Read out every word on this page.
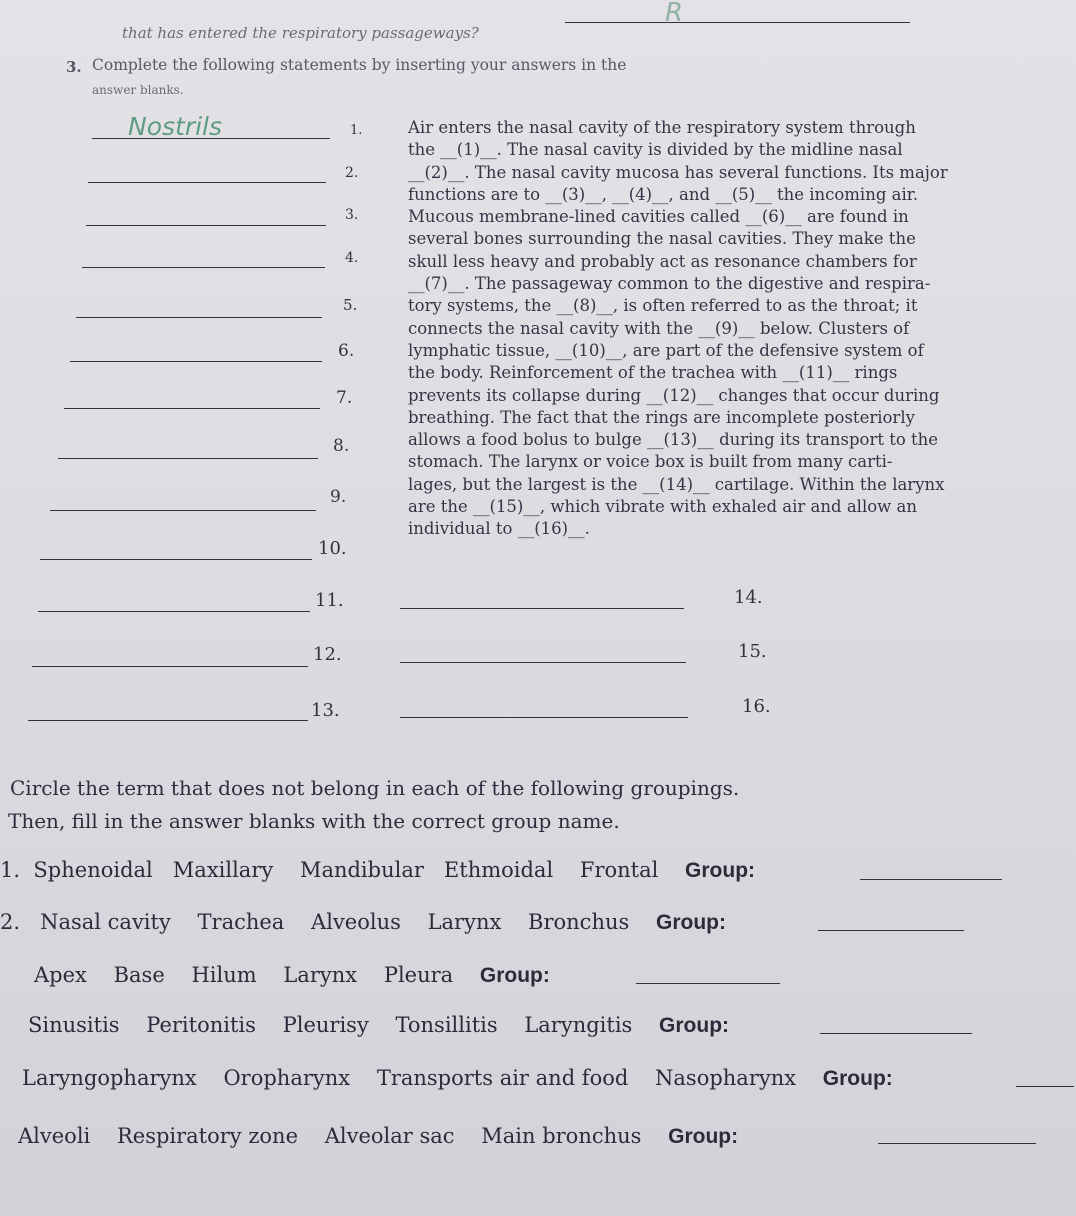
that has entered the respiratory passageways?
R
3. Complete the following statements by inserting your answers in the
answer blanks.
Nostrils	1.
2.
3.
4.
5.
6.
7.
8.
9.
10.
11.
12.
13.
14.
15.
16.
Air enters the nasal cavity of the respiratory system through
the __(1)__. The nasal cavity is divided by the midline nasal
__(2)__. The nasal cavity mucosa has several functions. Its major
functions are to __(3)__, __(4)__, and __(5)__ the incoming air.
Mucous membrane-lined cavities called __(6)__ are found in
several bones surrounding the nasal cavities. They make the
skull less heavy and probably act as resonance chambers for
__(7)__. The passageway common to the digestive and respira-
tory systems, the __(8)__, is often referred to as the throat; it
connects the nasal cavity with the __(9)__ below. Clusters of
lymphatic tissue, __(10)__, are part of the defensive system of
the body. Reinforcement of the trachea with __(11)__ rings
prevents its collapse during __(12)__ changes that occur during
breathing. The fact that the rings are incomplete posteriorly
allows a food bolus to bulge __(13)__ during its transport to the
stomach. The larynx or voice box is built from many carti-
lages, but the largest is the __(14)__ cartilage. Within the larynx
are the __(15)__, which vibrate with exhaled air and allow an
individual to __(16)__.
Circle the term that does not belong in each of the following groupings.
Then, fill in the answer blanks with the correct group name.
1. Sphenoidal Maxillary Mandibular Ethmoidal Frontal Group:
2. Nasal cavity Trachea Alveolus Larynx Bronchus Group:
Apex Base Hilum Larynx Pleura Group:
Sinusitis Peritonitis Pleurisy Tonsillitis Laryngitis Group:
Laryngopharynx Oropharynx Transports air and food Nasopharynx Group:
Alveoli Respiratory zone Alveolar sac Main bronchus Group:
